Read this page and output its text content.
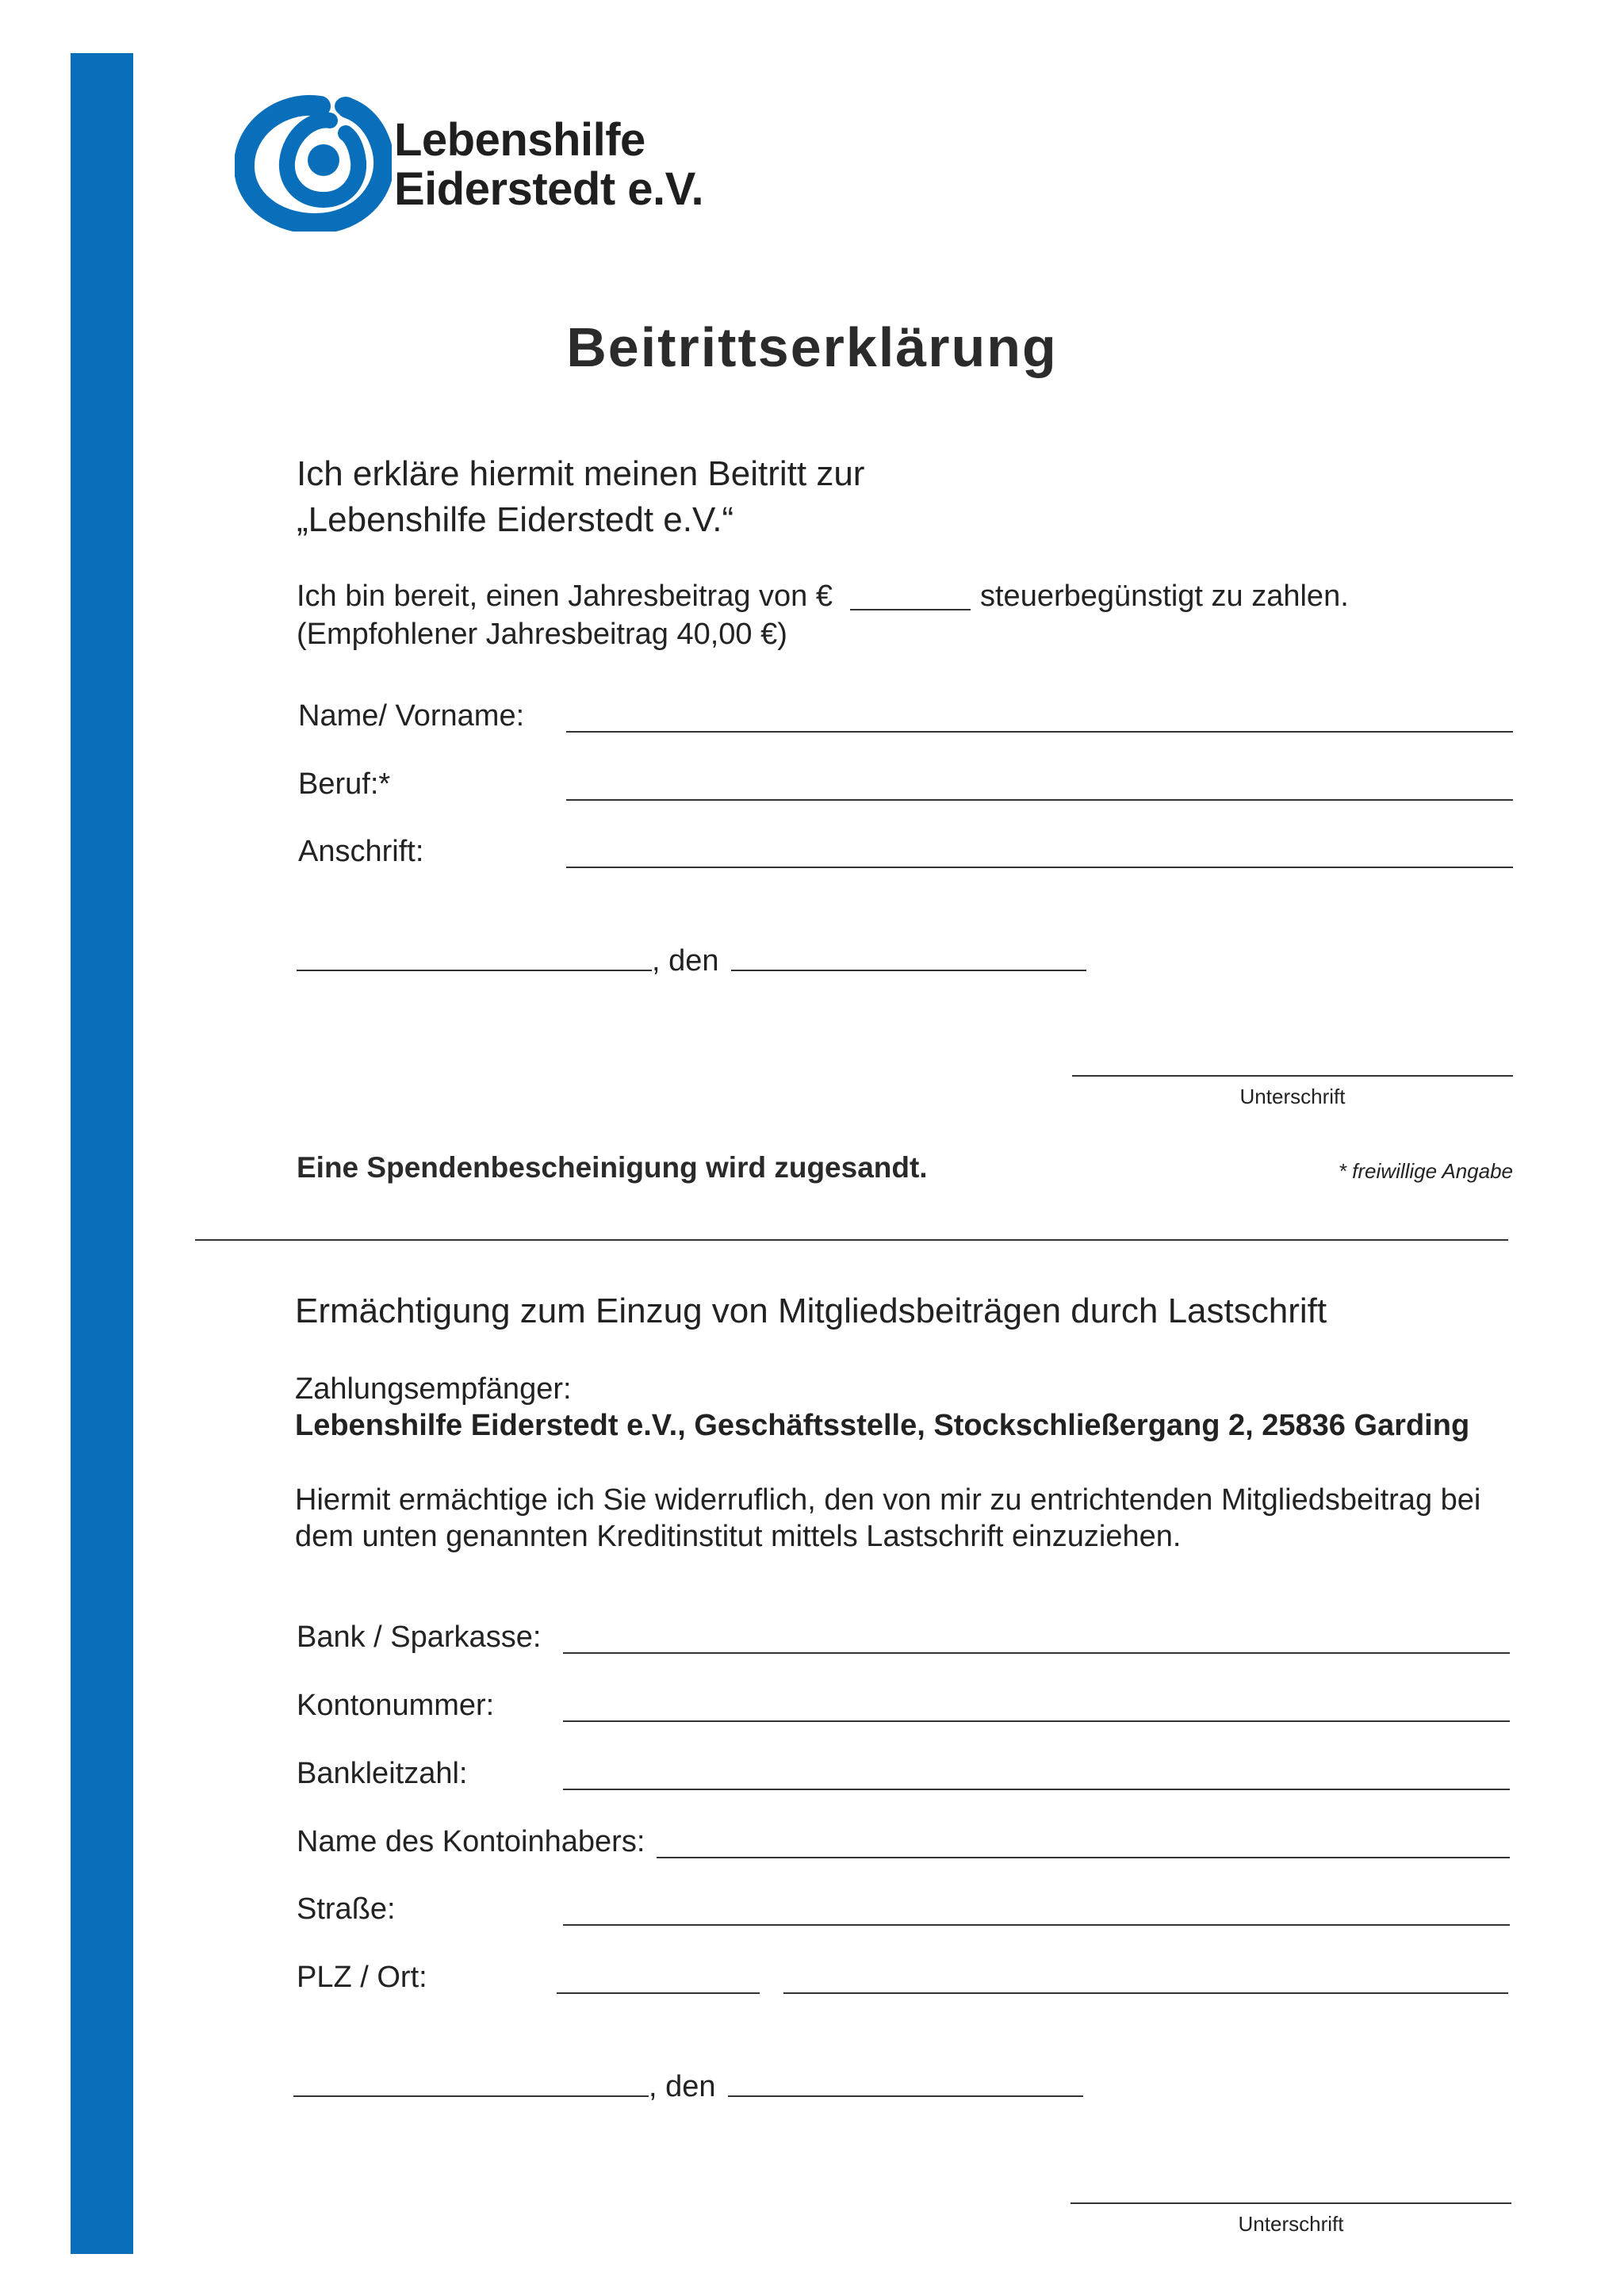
Lebenshilfe
Eiderstedt e.V.
Beitrittserklärung
Ich erkläre hiermit meinen Beitritt zur
„Lebenshilfe Eiderstedt e.V.“
Ich bin bereit, einen Jahresbeitrag von €	steuerbegünstigt zu zahlen.
(Empfohlener Jahresbeitrag 40,00 €)
Name/ Vorname:
Beruf:*
Anschrift:
, den
Unterschrift
Eine Spendenbescheinigung wird zugesandt.	* freiwillige Angabe
Ermächtigung zum Einzug von Mitgliedsbeiträgen durch Lastschrift
Zahlungsempfänger:
Lebenshilfe Eiderstedt e.V., Geschäftsstelle, Stockschließergang 2, 25836 Garding
Hiermit ermächtige ich Sie widerruflich, den von mir zu entrichtenden Mitgliedsbeitrag bei
dem unten genannten Kreditinstitut mittels Lastschrift einzuziehen.
Bank / Sparkasse:
Kontonummer:
Bankleitzahl:
Name des Kontoinhabers:
Straße:
PLZ / Ort:
, den
Unterschrift
